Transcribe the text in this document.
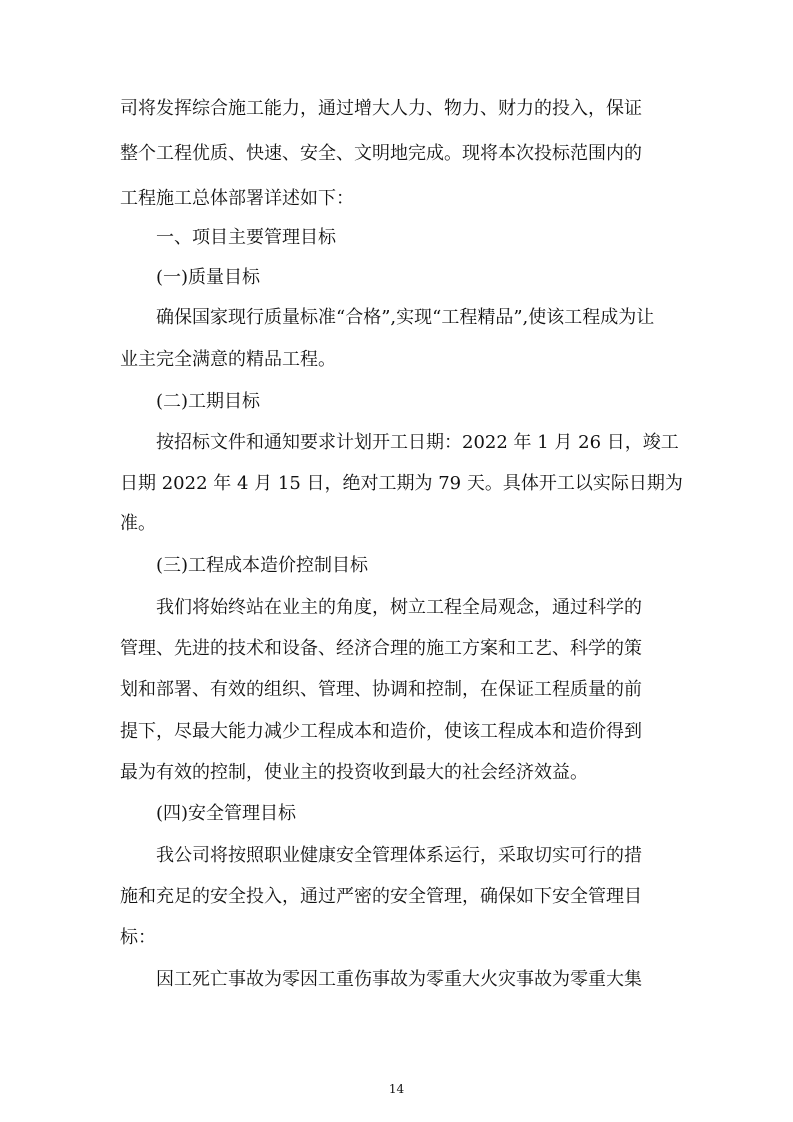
司将发挥综合施工能力，通过增大人力、物力、财力的投入，保证
整个工程优质、快速、安全、文明地完成。现将本次投标范围内的
工程施工总体部署详述如下：
一、项目主要管理目标
(一)质量目标
确保国家现行质量标准“合格”,实现“工程精品”,使该工程成为让
业主完全满意的精品工程。
(二)工期目标
按招标文件和通知要求计划开工日期：2022 年 1 月 26 日，竣工
日期 2022 年 4 月 15 日，绝对工期为 79 天。具体开工以实际日期为
准。
(三)工程成本造价控制目标
我们将始终站在业主的角度，树立工程全局观念，通过科学的
管理、先进的技术和设备、经济合理的施工方案和工艺、科学的策
划和部署、有效的组织、管理、协调和控制，在保证工程质量的前
提下，尽最大能力减少工程成本和造价，使该工程成本和造价得到
最为有效的控制，使业主的投资收到最大的社会经济效益。
(四)安全管理目标
我公司将按照职业健康安全管理体系运行，采取切实可行的措
施和充足的安全投入，通过严密的安全管理，确保如下安全管理目
标：
因工死亡事故为零因工重伤事故为零重大火灾事故为零重大集
14
